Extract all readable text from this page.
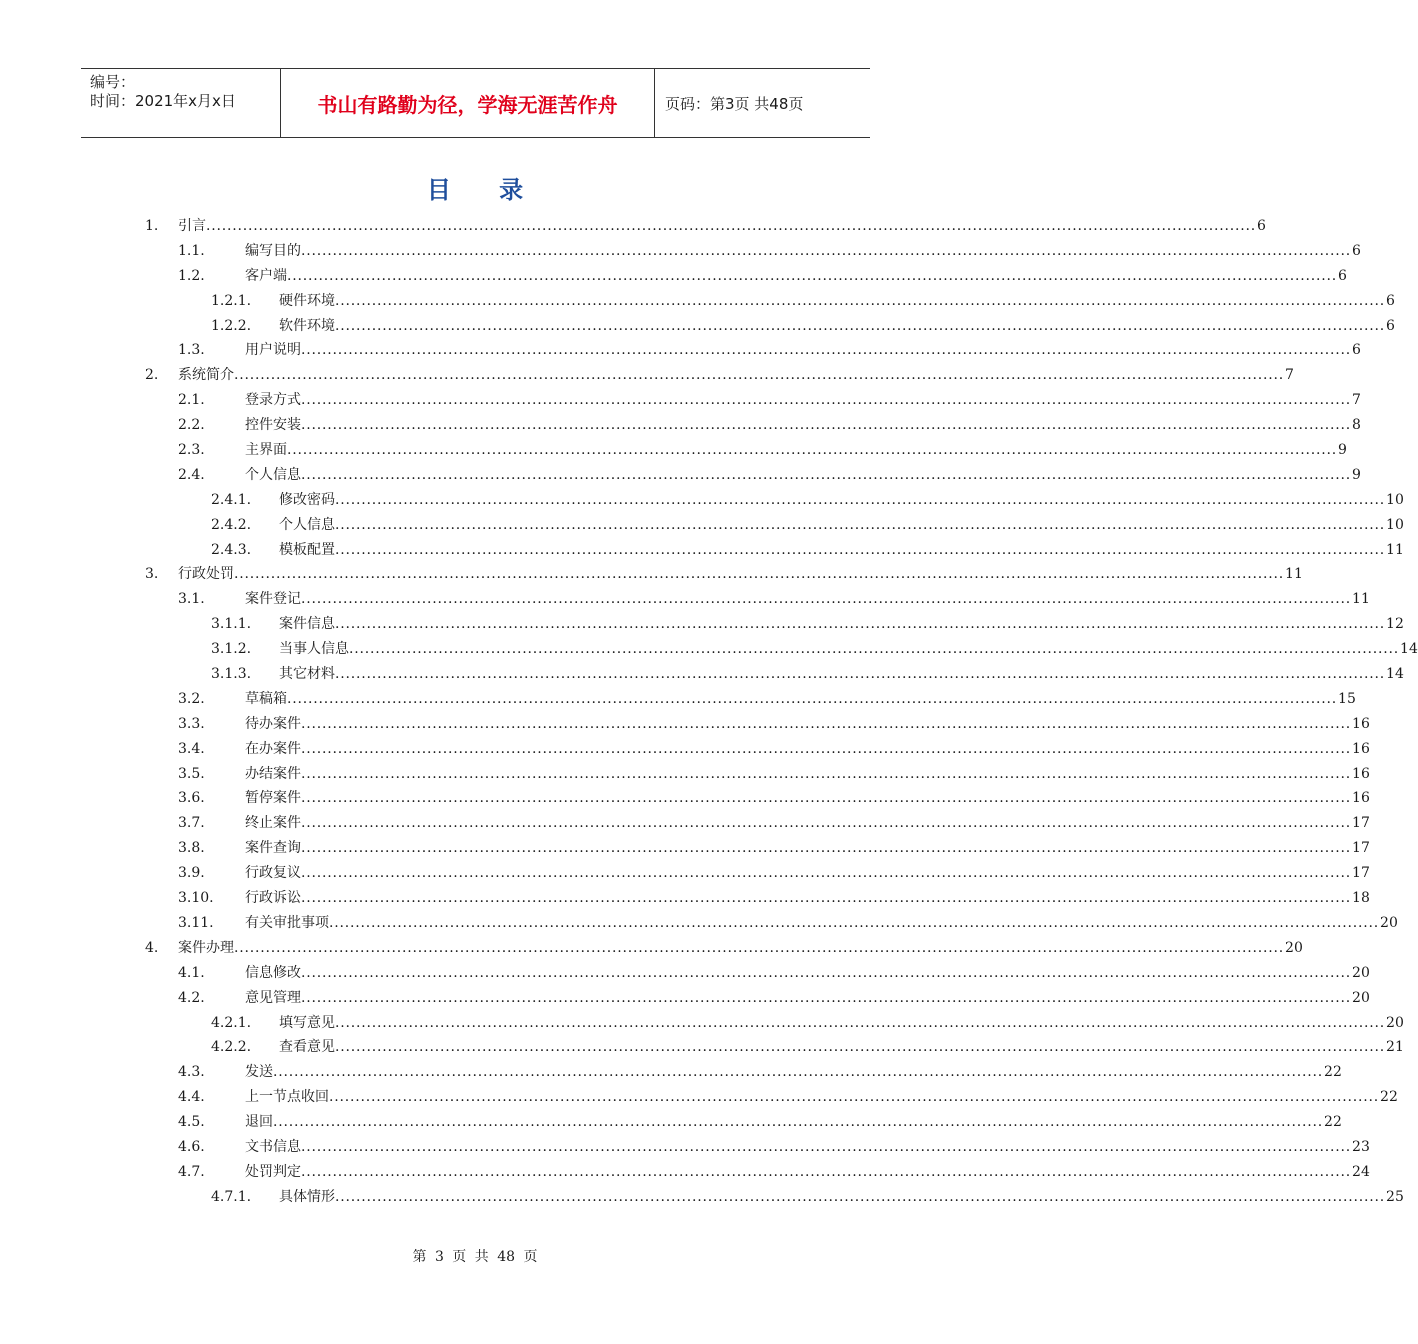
编号：
时间：2021年x月x日	书山有路勤为径，学海无涯苦作舟	页码：第3页 共48页
目 录
1. 引言 ........................................................................................................................................................................................................ 6
1.1.	编写目的 ........................................................................................................................................................................................................ 6
1.2.	客户端 ........................................................................................................................................................................................................ 6
1.2.1. 硬件环境 ........................................................................................................................................................................................................ 6
1.2.2. 软件环境 ........................................................................................................................................................................................................ 6
1.3.	用户说明 ........................................................................................................................................................................................................ 6
2. 系统简介 ........................................................................................................................................................................................................ 7
2.1.	登录方式 ........................................................................................................................................................................................................ 7
2.2.	控件安装 ........................................................................................................................................................................................................ 8
2.3.	主界面 ........................................................................................................................................................................................................ 9
2.4.	个人信息 ........................................................................................................................................................................................................ 9
2.4.1. 修改密码 ........................................................................................................................................................................................................ 10
2.4.2. 个人信息 ........................................................................................................................................................................................................ 10
2.4.3. 模板配置 ........................................................................................................................................................................................................ 11
3. 行政处罚 ........................................................................................................................................................................................................ 11
3.1.	案件登记 ........................................................................................................................................................................................................ 11
3.1.1. 案件信息 ........................................................................................................................................................................................................ 12
3.1.2. 当事人信息 ........................................................................................................................................................................................................ 14
3.1.3. 其它材料 ........................................................................................................................................................................................................ 14
3.2.	草稿箱 ........................................................................................................................................................................................................ 15
3.3.	待办案件 ........................................................................................................................................................................................................ 16
3.4.	在办案件 ........................................................................................................................................................................................................ 16
3.5.	办结案件 ........................................................................................................................................................................................................ 16
3.6.	暂停案件 ........................................................................................................................................................................................................ 16
3.7.	终止案件 ........................................................................................................................................................................................................ 17
3.8.	案件查询 ........................................................................................................................................................................................................ 17
3.9.	行政复议 ........................................................................................................................................................................................................ 17
3.10. 行政诉讼 ........................................................................................................................................................................................................ 18
3.11. 有关审批事项 ........................................................................................................................................................................................................ 20
4. 案件办理 ........................................................................................................................................................................................................ 20
4.1.	信息修改 ........................................................................................................................................................................................................ 20
4.2.	意见管理 ........................................................................................................................................................................................................ 20
4.2.1. 填写意见 ........................................................................................................................................................................................................ 20
4.2.2. 查看意见 ........................................................................................................................................................................................................ 21
4.3.	发送 ........................................................................................................................................................................................................ 22
4.4.	上一节点收回 ........................................................................................................................................................................................................ 22
4.5.	退回 ........................................................................................................................................................................................................ 22
4.6.	文书信息 ........................................................................................................................................................................................................ 23
4.7.	处罚判定 ........................................................................................................................................................................................................ 24
4.7.1. 具体情形 ........................................................................................................................................................................................................ 25
第 3 页 共 48 页
